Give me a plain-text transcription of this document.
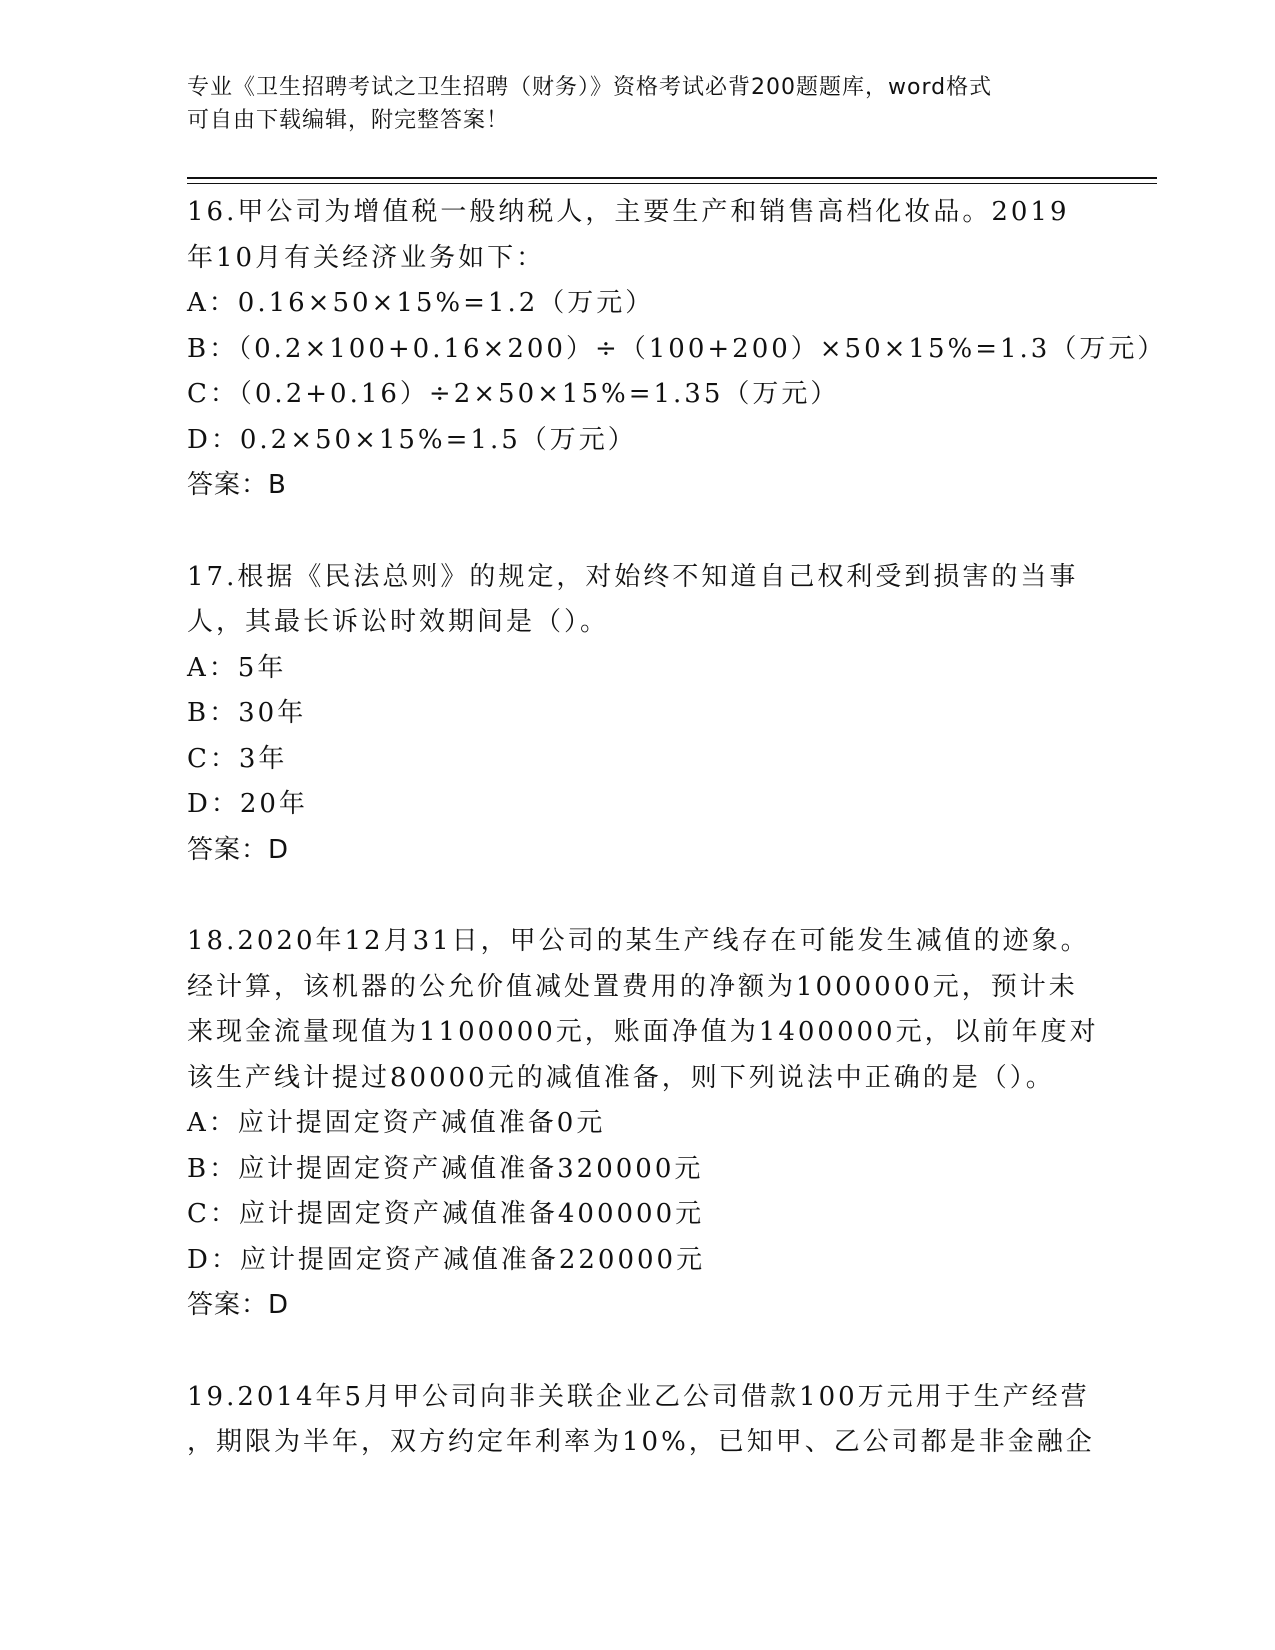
专业《卫生招聘考试之卫生招聘（财务）》资格考试必背200题题库，word格式
可自由下载编辑，附完整答案！
16.甲公司为增值税一般纳税人，主要生产和销售高档化妆品。2019
年10月有关经济业务如下：
A：0.16×50×15%=1.2（万元）
B：（0.2×100+0.16×200）÷（100+200）×50×15%=1.3（万元）
C：（0.2+0.16）÷2×50×15%=1.35（万元）
D：0.2×50×15%=1.5（万元）
答案：B
17.根据《民法总则》的规定，对始终不知道自己权利受到损害的当事
人，其最长诉讼时效期间是（）。
A：5年
B：30年
C：3年
D：20年
答案：D
18.2020年12月31日，甲公司的某生产线存在可能发生减值的迹象。
经计算，该机器的公允价值减处置费用的净额为1000000元，预计未
来现金流量现值为1100000元，账面净值为1400000元，以前年度对
该生产线计提过80000元的减值准备，则下列说法中正确的是（）。
A：应计提固定资产减值准备0元
B：应计提固定资产减值准备320000元
C：应计提固定资产减值准备400000元
D：应计提固定资产减值准备220000元
答案：D
19.2014年5月甲公司向非关联企业乙公司借款100万元用于生产经营
，期限为半年，双方约定年利率为10%，已知甲、乙公司都是非金融企
